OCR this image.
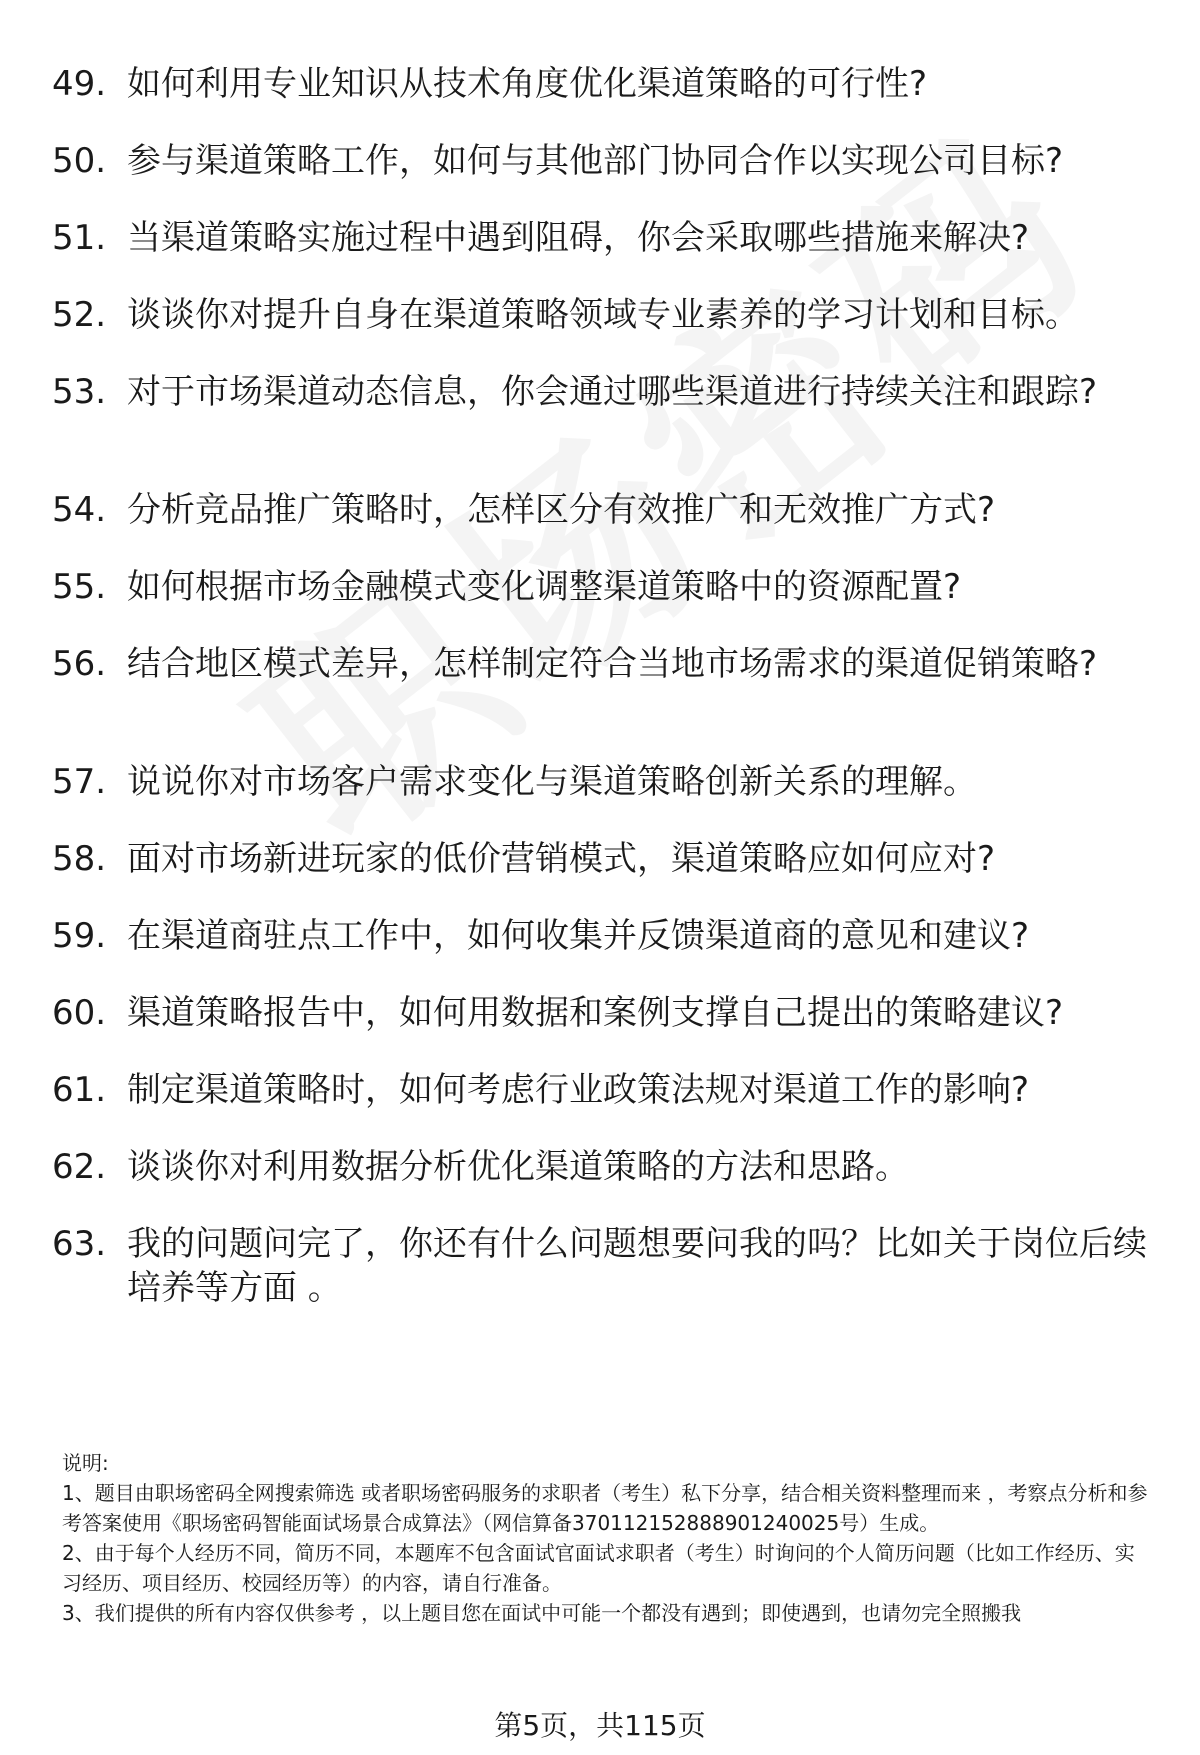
49. 如何利用专业知识从技术角度优化渠道策略的可行性?
50. 参与渠道策略工作，如何与其他部门协同合作以实现公司目标?
51. 当渠道策略实施过程中遇到阻碍，你会采取哪些措施来解决?
52. 谈谈你对提升自身在渠道策略领域专业素养的学习计划和目标。
53. 对于市场渠道动态信息，你会通过哪些渠道进行持续关注和跟踪?
54. 分析竞品推广策略时，怎样区分有效推广和无效推广方式?
55. 如何根据市场金融模式变化调整渠道策略中的资源配置?
56. 结合地区模式差异，怎样制定符合当地市场需求的渠道促销策略?
57. 说说你对市场客户需求变化与渠道策略创新关系的理解。
58. 面对市场新进玩家的低价营销模式，渠道策略应如何应对?
59. 在渠道商驻点工作中，如何收集并反馈渠道商的意见和建议?
60. 渠道策略报告中，如何用数据和案例支撑自己提出的策略建议?
61. 制定渠道策略时，如何考虑行业政策法规对渠道工作的影响?
62. 谈谈你对利用数据分析优化渠道策略的方法和思路。
63. 我的问题问完了，你还有什么问题想要问我的吗？比如关于岗位后续培养等方面 。

说明:

1、题目由职场密码全网搜索筛选 或者职场密码服务的求职者（考生）私下分享，结合相关资料整理而来 ，考察点分析和参考答案使用《职场密码智能面试场景合成算法》（网信算备370112152888901240025号）生成。

2、由于每个人经历不同，简历不同，本题库不包含面试官面试求职者（考生）时询问的个人简历问题（比如工作经历、实习经历、项目经历、校园经历等）的内容，请自行准备。

3、我们提供的所有内容仅供参考 ，以上题目您在面试中可能一个都没有遇到；即使遇到，也请勿完全照搬我

第5页，共115页
